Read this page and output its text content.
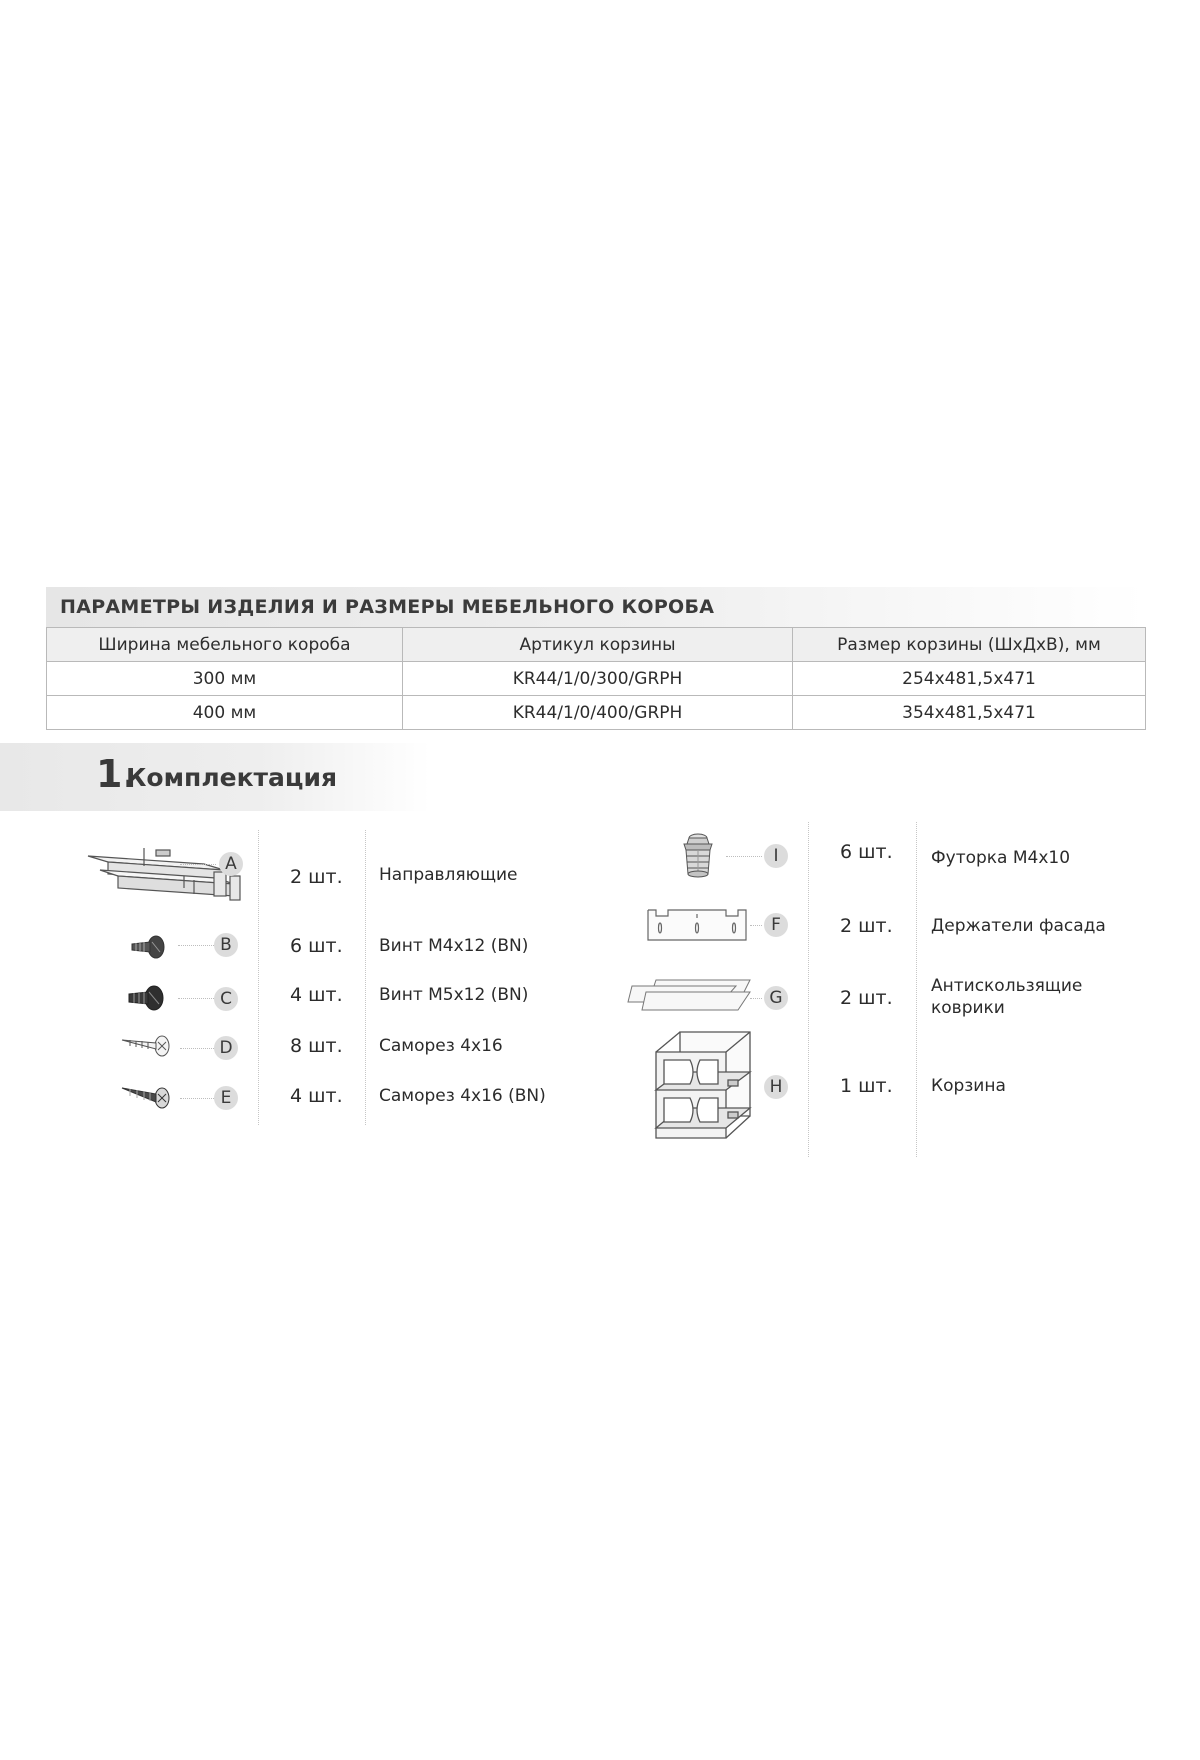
ПАРАМЕТРЫ ИЗДЕЛИЯ И РАЗМЕРЫ МЕБЕЛЬНОГО КОРОБА
Ширина мебельного короба	Артикул корзины	Размер корзины (ШхДхВ), мм
300 мм	KR44/1/0/300/GRPH	254x481,5x471
400 мм	KR44/1/0/400/GRPH	354x481,5x471
1.
Комплектация
A
2 шт. Направляющие
B	6 шт. Винт M4x12 (BN)
C	4 шт. Винт M5x12 (BN)
D	8 шт. Саморез 4x16
E	4 шт. Саморез 4x16 (BN)
I	6 шт. Футорка M4x10
F	2 шт. Держатели фасада
G	2 шт.
Антискользящие
коврики
H	1 шт. Корзина
